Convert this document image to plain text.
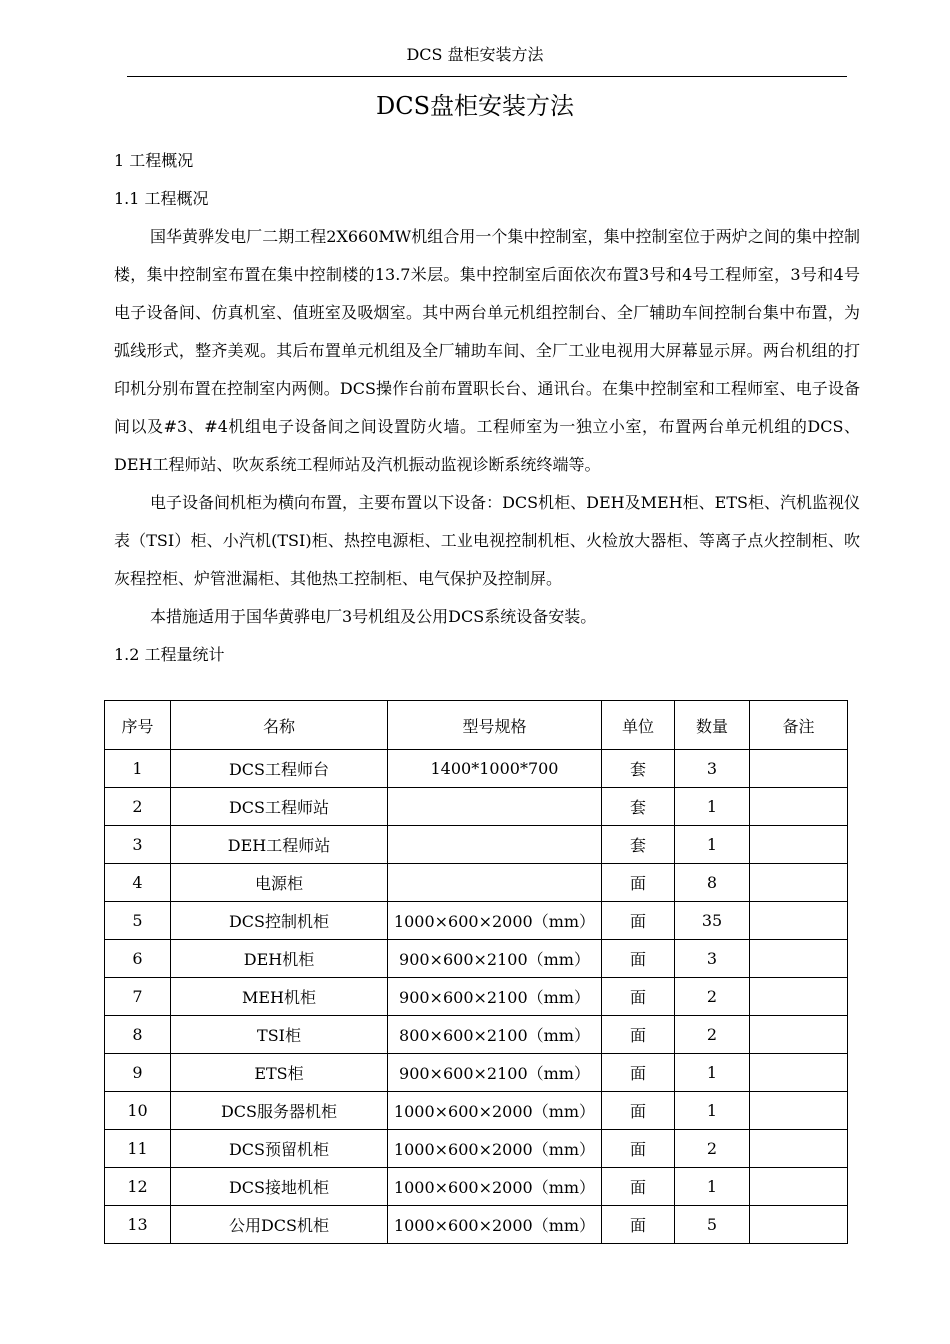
DCS 盘柜安装方法
DCS盘柜安装方法

1 工程概况

1.1 工程概况

国华黄骅发电厂二期工程2X660MW机组合用一个集中控制室，集中控制室位于两炉之间的集中控制楼，集中控制室布置在集中控制楼的13.7米层。集中控制室后面依次布置3号和4号工程师室，3号和4号电子设备间、仿真机室、值班室及吸烟室。其中两台单元机组控制台、全厂辅助车间控制台集中布置，为弧线形式，整齐美观。其后布置单元机组及全厂辅助车间、全厂工业电视用大屏幕显示屏。两台机组的打印机分别布置在控制室内两侧。DCS操作台前布置职长台、通讯台。在集中控制室和工程师室、电子设备间以及#3、#4机组电子设备间之间设置防火墙。工程师室为一独立小室，布置两台单元机组的DCS、DEH工程师站、吹灰系统工程师站及汽机振动监视诊断系统终端等。

电子设备间机柜为横向布置，主要布置以下设备：DCS机柜、DEH及MEH柜、ETS柜、汽机监视仪表（TSI）柜、小汽机(TSI)柜、热控电源柜、工业电视控制机柜、火检放大器柜、等离子点火控制柜、吹灰程控柜、炉管泄漏柜、其他热工控制柜、电气保护及控制屏。

本措施适用于国华黄骅电厂3号机组及公用DCS系统设备安装。

1.2 工程量统计

序号	名称	型号规格	单位	数量	备注
1	DCS工程师台	1400*1000*700	套	3	
2	DCS工程师站		套	1	
3	DEH工程师站		套	1	
4	电源柜		面	8	
5	DCS控制机柜	1000×600×2000（mm）	面	35	
6	DEH机柜	900×600×2100（mm）	面	3	
7	MEH机柜	900×600×2100（mm）	面	2	
8	TSI柜	800×600×2100（mm）	面	2	
9	ETS柜	900×600×2100（mm）	面	1	
10	DCS服务器机柜	1000×600×2000（mm）	面	1	
11	DCS预留机柜	1000×600×2000（mm）	面	2	
12	DCS接地机柜	1000×600×2000（mm）	面	1	
13	公用DCS机柜	1000×600×2000（mm）	面	5	
